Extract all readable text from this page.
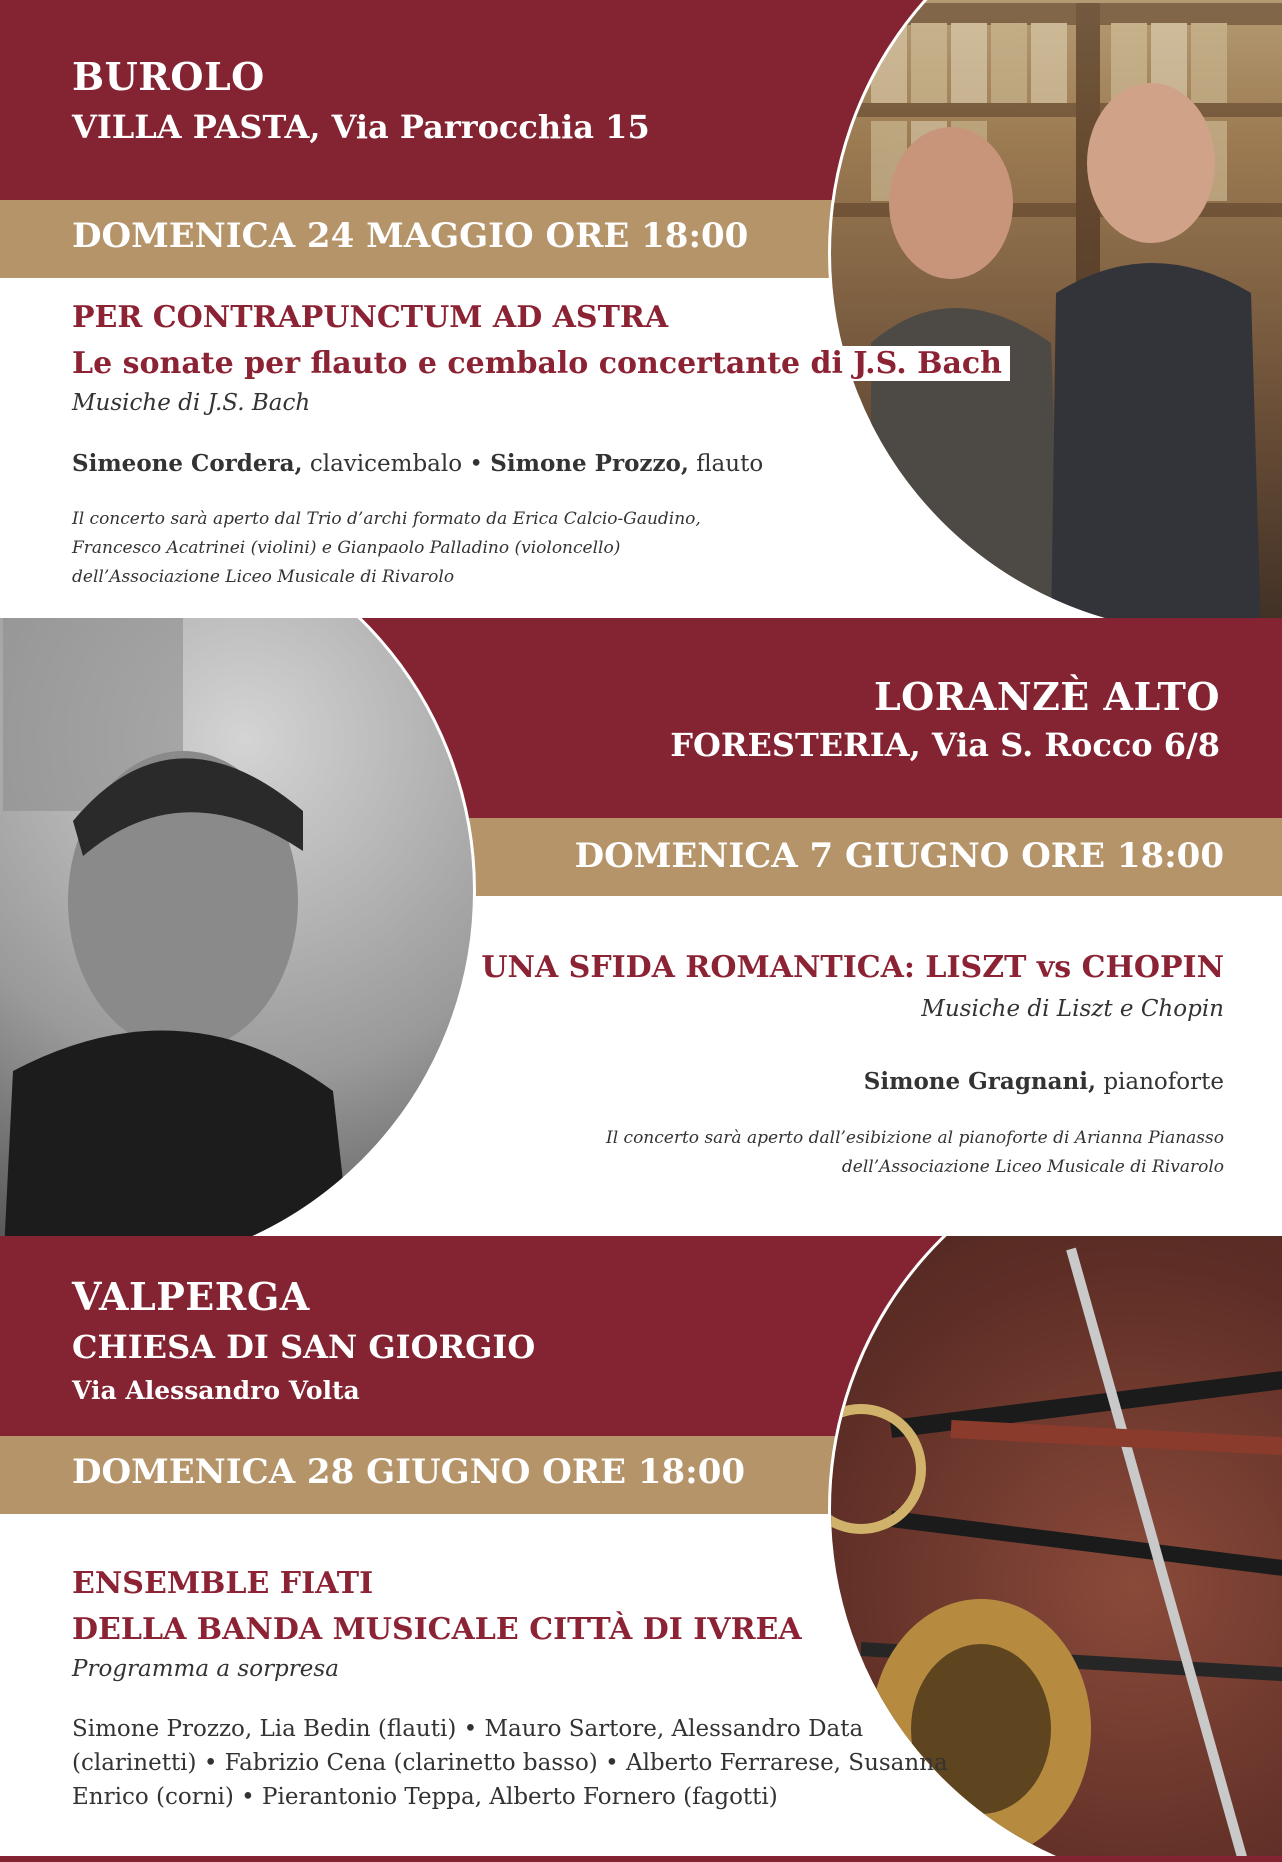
BUROLO

VILLA PASTA, Via Parrocchia 15

DOMENICA 24 MAGGIO ORE 18:00

PER CONTRAPUNCTUM AD ASTRA

Le sonate per flauto e cembalo concertante di J.S. Bach

Musiche di J.S. Bach

Simeone Cordera, clavicembalo • Simone Prozzo, flauto

Il concerto sarà aperto dal Trio d’archi formato da Erica Calcio-Gaudino,
Francesco Acatrinei (violini) e Gianpaolo Palladino (violoncello)
dell’Associazione Liceo Musicale di Rivarolo

LORANZÈ ALTO

FORESTERIA, Via S. Rocco 6/8

DOMENICA 7 GIUGNO ORE 18:00

UNA SFIDA ROMANTICA: LISZT vs CHOPIN

Musiche di Liszt e Chopin

Simone Gragnani, pianoforte

Il concerto sarà aperto dall’esibizione al pianoforte di Arianna Pianasso
dell’Associazione Liceo Musicale di Rivarolo

VALPERGA

CHIESA DI SAN GIORGIO

Via Alessandro Volta

DOMENICA 28 GIUGNO ORE 18:00

ENSEMBLE FIATI

DELLA BANDA MUSICALE CITTÀ DI IVREA

Programma a sorpresa

Simone Prozzo, Lia Bedin (flauti) • Mauro Sartore, Alessandro Data
(clarinetti) • Fabrizio Cena (clarinetto basso) • Alberto Ferrarese, Susanna
Enrico (corni) • Pierantonio Teppa, Alberto Fornero (fagotti)
